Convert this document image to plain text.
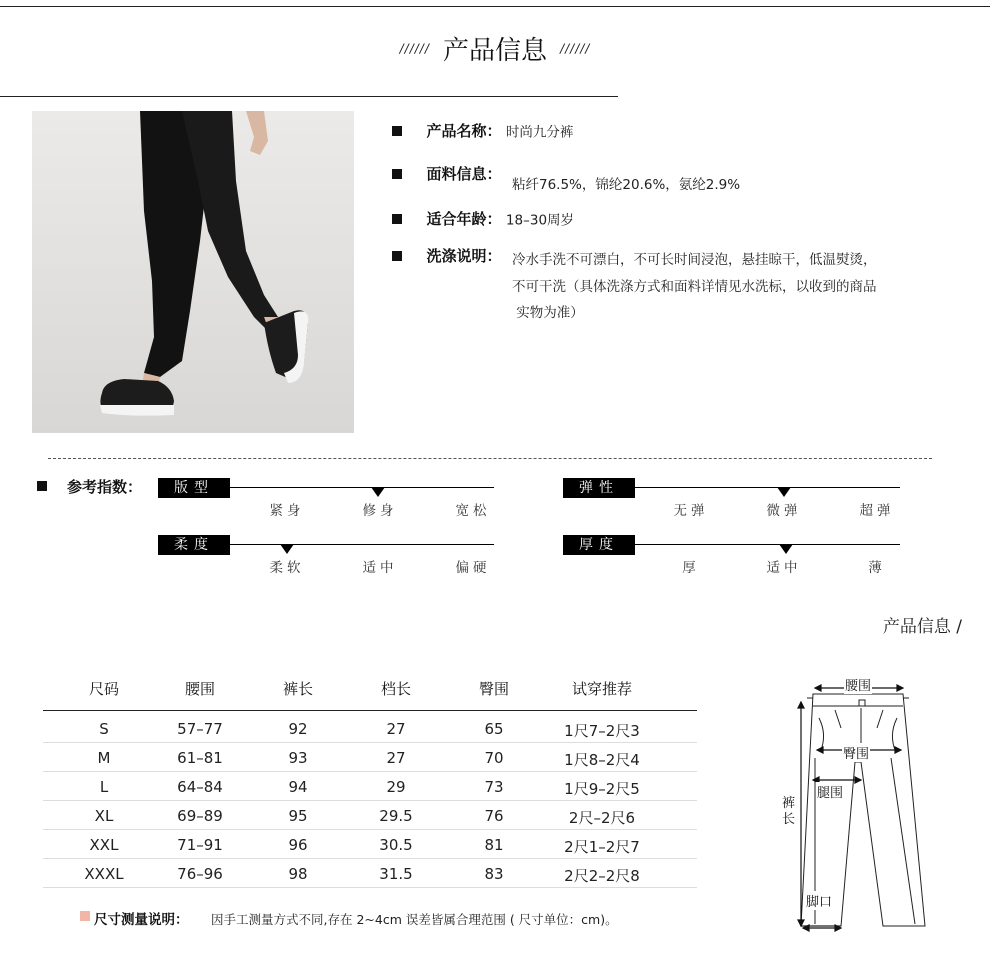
////// 产品信息 //////
产品名称： 时尚九分裤
面料信息：
粘纤76.5%，锦纶20.6%，氨纶2.9%
适合年龄： 18–30周岁
洗涤说明： 冷水手洗不可漂白，不可长时间浸泡，悬挂晾干，低温熨烫，
不可干洗（具体洗涤方式和面料详情见水洗标，以收到的商品
实物为准）
参考指数：	版型
紧身	修身	宽松
弹性
无弹	微弹	超弹
柔度
柔软	适中	偏硬
厚度
厚	适中	薄
产品信息 /
尺码	腰围	裤长	档长	臀围	试穿推荐
S	57–77	92	27	65	1尺7–2尺3
M	61–81	93	27	70	1尺8–2尺4
L	64–84	94	29	73	1尺9–2尺5
XL	69–89	95	29.5	76	2尺–2尺6
XXL	71–91	96	30.5	81	2尺1–2尺7
XXXL	76–96	98	31.5	83	2尺2–2尺8
尺寸测量说明： 因手工测量方式不同,存在 2~4cm 误差皆属合理范围 ( 尺寸单位：cm)。
腰围
臀围
腿围
裤长
脚口
